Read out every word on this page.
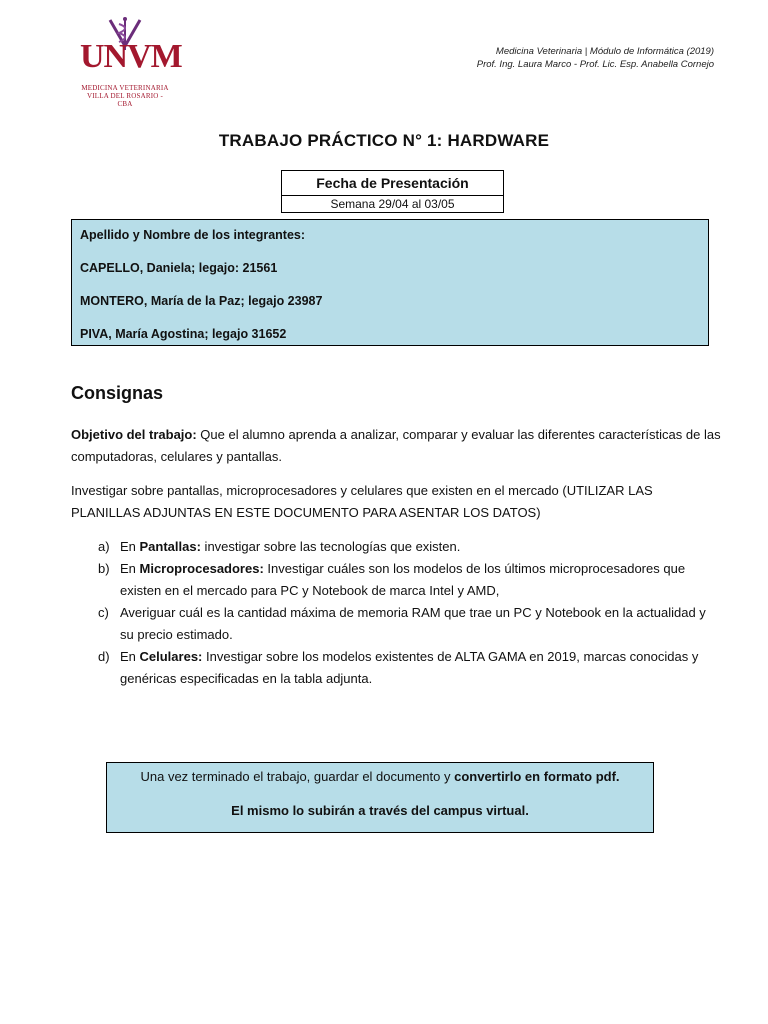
UNVM
MEDICINA VETERINARIA
VILLA DEL ROSARIO - CBA
Medicina Veterinaria | Módulo de Informática (2019)
Prof. Ing. Laura Marco - Prof. Lic. Esp. Anabella Cornejo
TRABAJO PRÁCTICO N° 1: HARDWARE
Fecha de Presentación
Semana 29/04 al 03/05
Apellido y Nombre de los integrantes:
CAPELLO, Daniela; legajo: 21561
MONTERO, María de la Paz; legajo 23987
PIVA, María Agostina; legajo 31652
Consignas
Objetivo del trabajo: Que el alumno aprenda a analizar, comparar y evaluar las diferentes características de las computadoras, celulares y pantallas.
Investigar sobre pantallas, microprocesadores y celulares que existen en el mercado (UTILIZAR LAS PLANILLAS ADJUNTAS EN ESTE DOCUMENTO PARA ASENTAR LOS DATOS)
a) En Pantallas: investigar sobre las tecnologías que existen.
b) En Microprocesadores: Investigar cuáles son los modelos de los últimos microprocesadores que existen en el mercado para PC y Notebook de marca Intel y AMD,
c) Averiguar cuál es la cantidad máxima de memoria RAM que trae un PC y Notebook en la actualidad y su precio estimado.
d) En Celulares: Investigar sobre los modelos existentes de ALTA GAMA en 2019, marcas conocidas y genéricas especificadas en la tabla adjunta.
Una vez terminado el trabajo, guardar el documento y convertirlo en formato pdf.
El mismo lo subirán a través del campus virtual.
